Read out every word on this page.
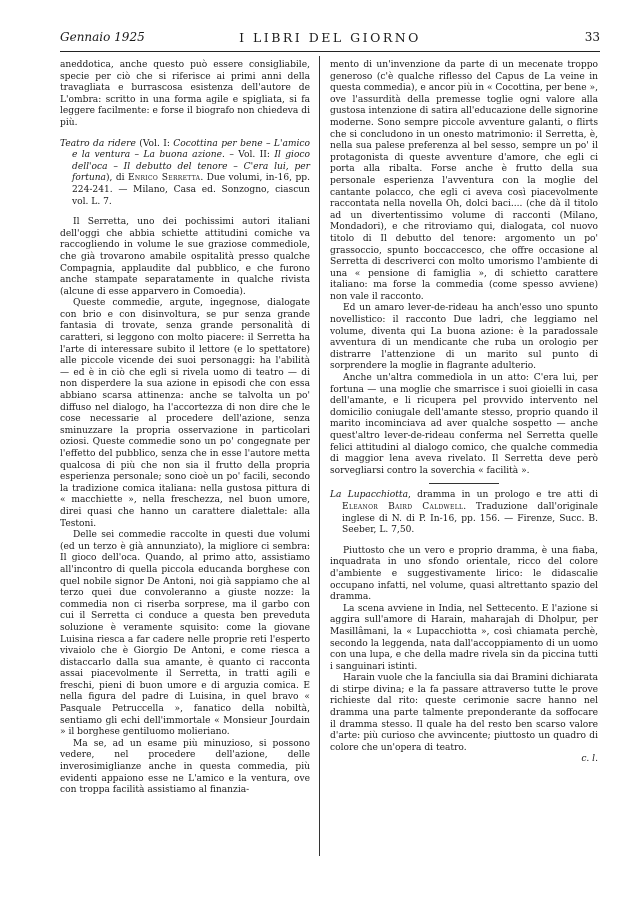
Gennaio 1925	I LIBRI DEL GIORNO	33

aneddotica, anche questo può essere consigliabile, specie per ciò che si riferisce ai primi anni della travagliata e burrascosa esistenza dell'autore de L'ombra: scritto in una forma agile e spigliata, si fa leggere facilmente: e forse il biografo non chiedeva di più.

Teatro da ridere (Vol. I: Cocottina per bene – L'amico e la ventura – La buona azione. – Vol. II: Il gioco dell'oca – Il debutto del tenore – C'era lui, per fortuna), di Enrico Serretta. Due volumi, in-16, pp. 224-241. — Milano, Casa ed. Sonzogno, ciascun vol. L. 7.

Il Serretta, uno dei pochissimi autori italiani dell'oggi che abbia schiette attitudini comiche va raccogliendo in volume le sue graziose commediole, che già trovarono amabile ospitalità presso qualche Compagnia, applaudite dal pubblico, e che furono anche stampate separatamente in qualche rivista (alcune di esse apparvero in Comoedia).

Queste commedie, argute, ingegnose, dialogate con brio e con disinvoltura, se pur senza grande fantasia di trovate, senza grande personalità di caratteri, si leggono con molto piacere: il Serretta ha l'arte di interessare subito il lettore (e lo spettatore) alle piccole vicende dei suoi personaggi: ha l'abilità — ed è in ciò che egli si rivela uomo di teatro — di non disperdere la sua azione in episodi che con essa abbiano scarsa attinenza: anche se talvolta un po' diffuso nel dialogo, ha l'accortezza di non dire che le cose necessarie al procedere dell'azione, senza sminuzzare la propria osservazione in particolari oziosi. Queste commedie sono un po' congegnate per l'effetto del pubblico, senza che in esse l'autore metta qualcosa di più che non sia il frutto della propria esperienza personale; sono cioè un po' facili, secondo la tradizione comica italiana: nella gustosa pittura di « macchiette », nella freschezza, nel buon umore, direi quasi che hanno un carattere dialettale: alla Testoni.

Delle sei commedie raccolte in questi due volumi (ed un terzo è già annunziato), la migliore ci sembra: Il gioco dell'oca. Quando, al primo atto, assistiamo all'incontro di quella piccola educanda borghese con quel nobile signor De Antoni, noi già sappiamo che al terzo quei due convoleranno a giuste nozze: la commedia non ci riserba sorprese, ma il garbo con cui il Serretta ci conduce a questa ben preveduta soluzione è veramente squisito: come la giovane Luisina riesca a far cadere nelle proprie reti l'esperto vivaiolo che è Giorgio De Antoni, e come riesca a distaccarlo dalla sua amante, è quanto ci racconta assai piacevolmente il Serretta, in tratti agili e freschi, pieni di buon umore e di arguzia comica. E nella figura del padre di Luisina, in quel bravo « Pasquale Petruccella », fanatico della nobiltà, sentiamo gli echi dell'immortale « Monsieur Jourdain » il borghese gentiluomo molieriano.

Ma se, ad un esame più minuzioso, si possono vedere, nel procedere dell'azione, delle inverosimiglianze anche in questa commedia, più evidenti appaiono esse ne L'amico e la ventura, ove con troppa facilità assistiamo al finanzia-

mento di un'invenzione da parte di un mecenate troppo generoso (c'è qualche riflesso del Capus de La veine in questa commedia), e ancor più in « Cocottina, per bene », ove l'assurdità della premesse toglie ogni valore alla gustosa intenzione di satira all'educazione delle signorine moderne. Sono sempre piccole avventure galanti, o flirts che si concludono in un onesto matrimonio: il Serretta, è, nella sua palese preferenza al bel sesso, sempre un po' il protagonista di queste avventure d'amore, che egli ci porta alla ribalta. Forse anche è frutto della sua personale esperienza l'avventura con la moglie del cantante polacco, che egli ci aveva così piacevolmente raccontata nella novella Oh, dolci baci.... (che dà il titolo ad un divertentissimo volume di racconti (Milano, Mondadori), e che ritroviamo qui, dialogata, col nuovo titolo di Il debutto del tenore: argomento un po' grassoccio, spunto boccaccesco, che offre occasione al Serretta di descriverci con molto umorismo l'ambiente di una « pensione di famiglia », di schietto carattere italiano: ma forse la commedia (come spesso avviene) non vale il racconto.

Ed un amaro lever-de-rideau ha anch'esso uno spunto novellistico: il racconto Due ladri, che leggiamo nel volume, diventa qui La buona azione: è la paradossale avventura di un mendicante che ruba un orologio per distrarre l'attenzione di un marito sul punto di sorprendere la moglie in flagrante adulterio.

Anche un'altra commediola in un atto: C'era lui, per fortuna — una moglie che smarrisce i suoi gioielli in casa dell'amante, e li ricupera pel provvido intervento nel domicilio coniugale dell'amante stesso, proprio quando il marito incominciava ad aver qualche sospetto — anche quest'altro lever-de-rideau conferma nel Serretta quelle felici attitudini al dialogo comico, che qualche commedia di maggior lena aveva rivelato. Il Serretta deve però sorvegliarsi contro la soverchia « facilità ».

La Lupacchiotta, dramma in un prologo e tre atti di Eleanor Baird Caldwell. Traduzione dall'originale inglese di N. di P. In-16, pp. 156. — Firenze, Succ. B. Seeber, L. 7,50.

Piuttosto che un vero e proprio dramma, è una fiaba, inquadrata in uno sfondo orientale, ricco del colore d'ambiente e suggestivamente lirico: le didascalie occupano infatti, nel volume, quasi altrettanto spazio del dramma.

La scena avviene in India, nel Settecento. E l'azione si aggira sull'amore di Harain, maharajah di Dholpur, per Masillâmani, la « Lupacchiotta », così chiamata perchè, secondo la leggenda, nata dall'accoppiamento di un uomo con una lupa, e che della madre rivela sin da piccina tutti i sanguinari istinti.

Harain vuole che la fanciulla sia dai Bramini dichiarata di stirpe divina; e la fa passare attraverso tutte le prove richieste dal rito: queste cerimonie sacre hanno nel dramma una parte talmente preponderante da soffocare il dramma stesso. Il quale ha del resto ben scarso valore d'arte: più curioso che avvincente; piuttosto un quadro di colore che un'opera di teatro.

c. l.
